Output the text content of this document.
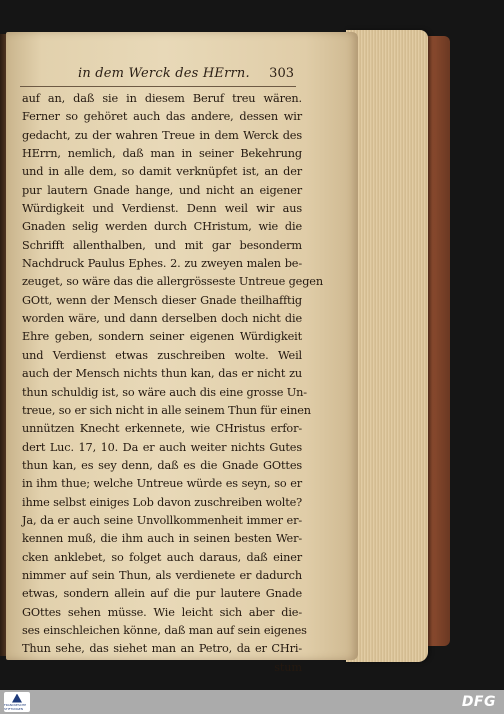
in dem Werck des HErrn. 303
auf an, daß sie in diesem Beruf treu wären.
Ferner so gehöret auch das andere, dessen wir
gedacht, zu der wahren Treue in dem Werck des
HErrn, nemlich, daß man in seiner Bekehrung
und in alle dem, so damit verknüpfet ist, an der
pur lautern Gnade hange, und nicht an eigener
Würdigkeit und Verdienst. Denn weil wir aus
Gnaden selig werden durch CHristum, wie die
Schrifft allenthalben, und mit gar besonderm
Nachdruck Paulus Ephes. 2. zu zweyen malen be-
zeuget, so wäre das die allergrösseste Untreue gegen
GOtt, wenn der Mensch dieser Gnade theilhafftig
worden wäre, und dann derselben doch nicht die
Ehre geben, sondern seiner eigenen Würdigkeit
und Verdienst etwas zuschreiben wolte. Weil
auch der Mensch nichts thun kan, das er nicht zu
thun schuldig ist, so wäre auch dis eine grosse Un-
treue, so er sich nicht in alle seinem Thun für einen
unnützen Knecht erkennete, wie CHristus erfor-
dert Luc. 17, 10. Da er auch weiter nichts Gutes
thun kan, es sey denn, daß es die Gnade GOttes
in ihm thue; welche Untreue würde es seyn, so er
ihme selbst einiges Lob davon zuschreiben wolte?
Ja, da er auch seine Unvollkommenheit immer er-
kennen muß, die ihm auch in seinen besten Wer-
cken anklebet, so folget auch daraus, daß einer
nimmer auf sein Thun, als verdienete er dadurch
etwas, sondern allein auf die pur lautere Gnade
GOttes sehen müsse. Wie leicht sich aber die-
ses einschleichen könne, daß man auf sein eigenes
Thun sehe, das siehet man an Petro, da er CHri-
stum
FRANCKESCHE STIFTUNGEN	DFG
